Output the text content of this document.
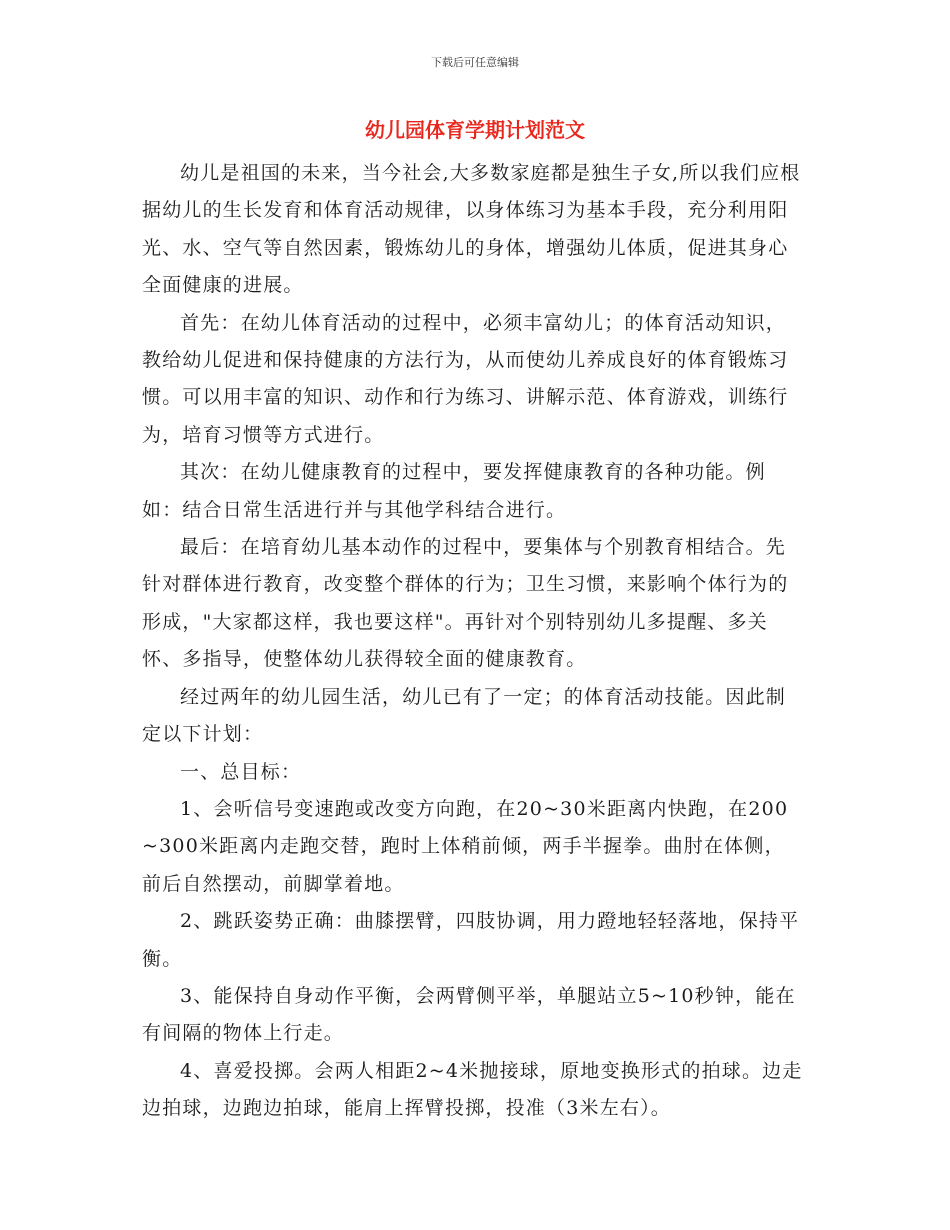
下载后可任意编辑
幼儿园体育学期计划范文

幼儿是祖国的未来，当今社会,大多数家庭都是独生子女,所以我们应根据幼儿的生长发育和体育活动规律，以身体练习为基本手段，充分利用阳光、水、空气等自然因素，锻炼幼儿的身体，增强幼儿体质，促进其身心全面健康的进展。

首先：在幼儿体育活动的过程中，必须丰富幼儿；的体育活动知识，教给幼儿促进和保持健康的方法行为，从而使幼儿养成良好的体育锻炼习惯。可以用丰富的知识、动作和行为练习、讲解示范、体育游戏，训练行为，培育习惯等方式进行。

其次：在幼儿健康教育的过程中，要发挥健康教育的各种功能。例如：结合日常生活进行并与其他学科结合进行。

最后：在培育幼儿基本动作的过程中，要集体与个别教育相结合。先针对群体进行教育，改变整个群体的行为；卫生习惯，来影响个体行为的形成，"大家都这样，我也要这样"。再针对个别特别幼儿多提醒、多关怀、多指导，使整体幼儿获得较全面的健康教育。

经过两年的幼儿园生活，幼儿已有了一定；的体育活动技能。因此制定以下计划：

一、总目标：

1、会听信号变速跑或改变方向跑，在20~30米距离内快跑，在200~300米距离内走跑交替，跑时上体稍前倾，两手半握拳。曲肘在体侧，前后自然摆动，前脚掌着地。

2、跳跃姿势正确：曲膝摆臂，四肢协调，用力蹬地轻轻落地，保持平衡。

3、能保持自身动作平衡，会两臂侧平举，单腿站立5~10秒钟，能在有间隔的物体上行走。

4、喜爱投掷。会两人相距2~4米抛接球，原地变换形式的拍球。边走边拍球，边跑边拍球，能肩上挥臂投掷，投准（3米左右）。
